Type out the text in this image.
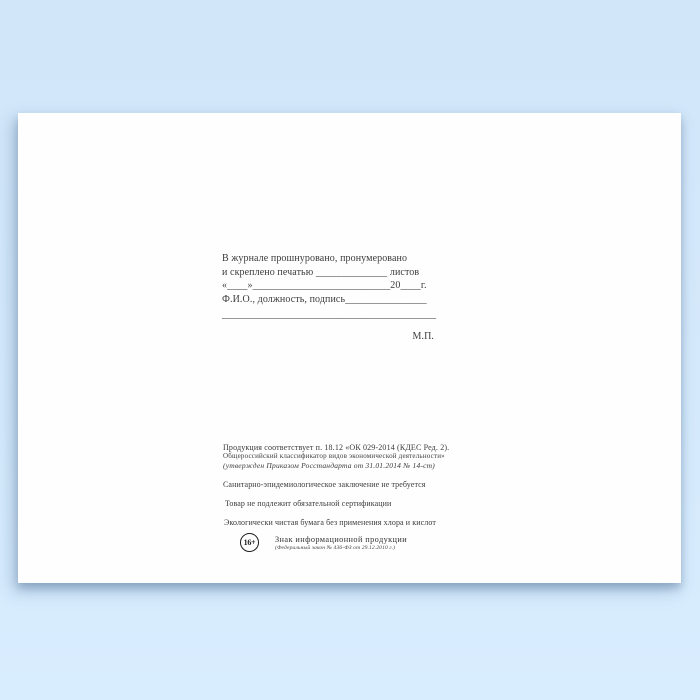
В журнале прошнуровано, пронумеровано
и скреплено печатью ______________ листов
«____»___________________________20____г.
Ф.И.О., должность, подпись________________
__________________________________________
М.П.
Продукция соответствует п. 18.12 «ОК 029-2014 (КДЕС Ред. 2).
Общероссийский классификатор видов экономической деятельности»
(утвержден Приказом Росстандарта от 31.01.2014 № 14-ст)
Санитарно-эпидемиологическое заключение не требуется
Товар не подлежит обязательной сертификации
Экологически чистая бумага без применения хлора и кислот
16+	Знак информационной продукции
(Федеральный закон № 436-ФЗ от 29.12.2010 г.)
